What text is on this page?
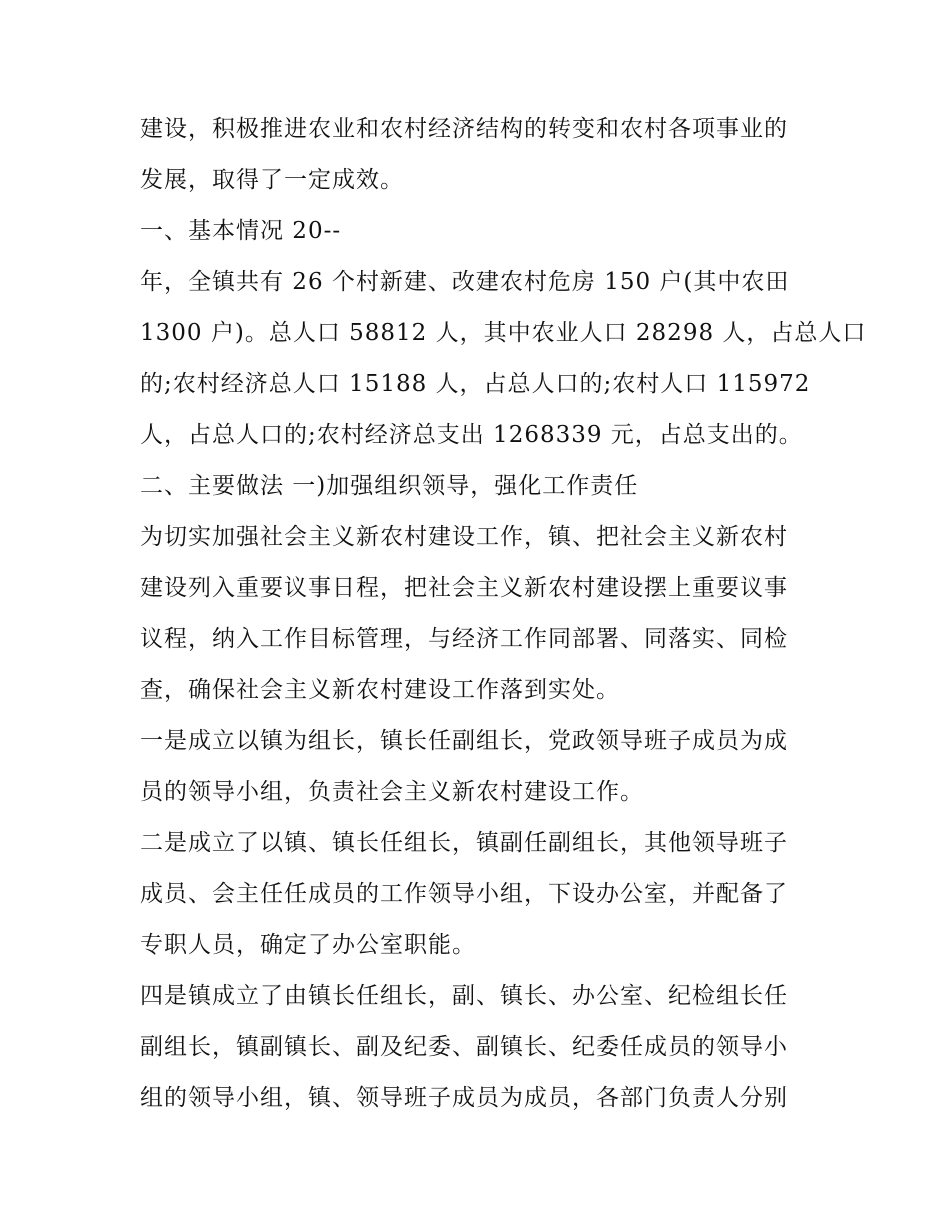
建设，积极推进农业和农村经济结构的转变和农村各项事业的
发展，取得了一定成效。
一、基本情况 20--
年，全镇共有 26 个村新建、改建农村危房 150 户(其中农田
1300 户)。总人口 58812 人，其中农业人口 28298 人，占总人口
的;农村经济总人口 15188 人，占总人口的;农村人口 115972
人，占总人口的;农村经济总支出 1268339 元，占总支出的。
二、主要做法 一)加强组织领导，强化工作责任
为切实加强社会主义新农村建设工作，镇、把社会主义新农村
建设列入重要议事日程，把社会主义新农村建设摆上重要议事
议程，纳入工作目标管理，与经济工作同部署、同落实、同检
查，确保社会主义新农村建设工作落到实处。
一是成立以镇为组长，镇长任副组长，党政领导班子成员为成
员的领导小组，负责社会主义新农村建设工作。
二是成立了以镇、镇长任组长，镇副任副组长，其他领导班子
成员、会主任任成员的工作领导小组，下设办公室，并配备了
专职人员，确定了办公室职能。
四是镇成立了由镇长任组长，副、镇长、办公室、纪检组长任
副组长，镇副镇长、副及纪委、副镇长、纪委任成员的领导小
组的领导小组，镇、领导班子成员为成员，各部门负责人分别
